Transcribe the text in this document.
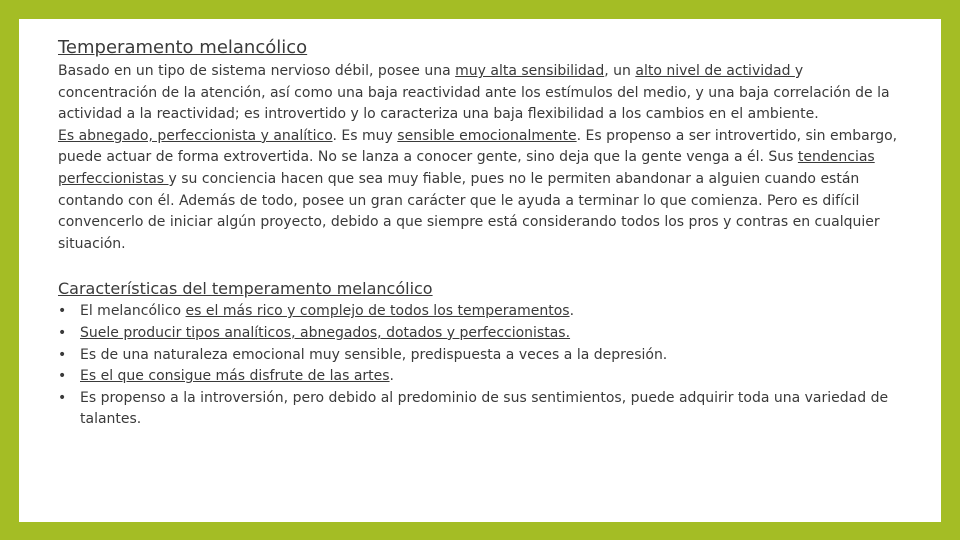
Temperamento melancólico

Basado en un tipo de sistema nervioso débil, posee una muy alta sensibilidad, un alto nivel de actividad y concentración de la atención, así como una baja reactividad ante los estímulos del medio, y una baja correlación de la actividad a la reactividad; es introvertido y lo caracteriza una baja flexibilidad a los cambios en el ambiente.

Es abnegado, perfeccionista y analítico. Es muy sensible emocionalmente. Es propenso a ser introvertido, sin embargo, puede actuar de forma extrovertida. No se lanza a conocer gente, sino deja que la gente venga a él. Sus tendencias perfeccionistas y su conciencia hacen que sea muy fiable, pues no le permiten abandonar a alguien cuando están contando con él. Además de todo, posee un gran carácter que le ayuda a terminar lo que comienza. Pero es difícil convencerlo de iniciar algún proyecto, debido a que siempre está considerando todos los pros y contras en cualquier situación.

Características del temperamento melancólico
• El melancólico es el más rico y complejo de todos los temperamentos.
• Suele producir tipos analíticos, abnegados, dotados y perfeccionistas.
• Es de una naturaleza emocional muy sensible, predispuesta a veces a la depresión.
• Es el que consigue más disfrute de las artes.
• Es propenso a la introversión, pero debido al predominio de sus sentimientos, puede adquirir toda una variedad de talantes.
